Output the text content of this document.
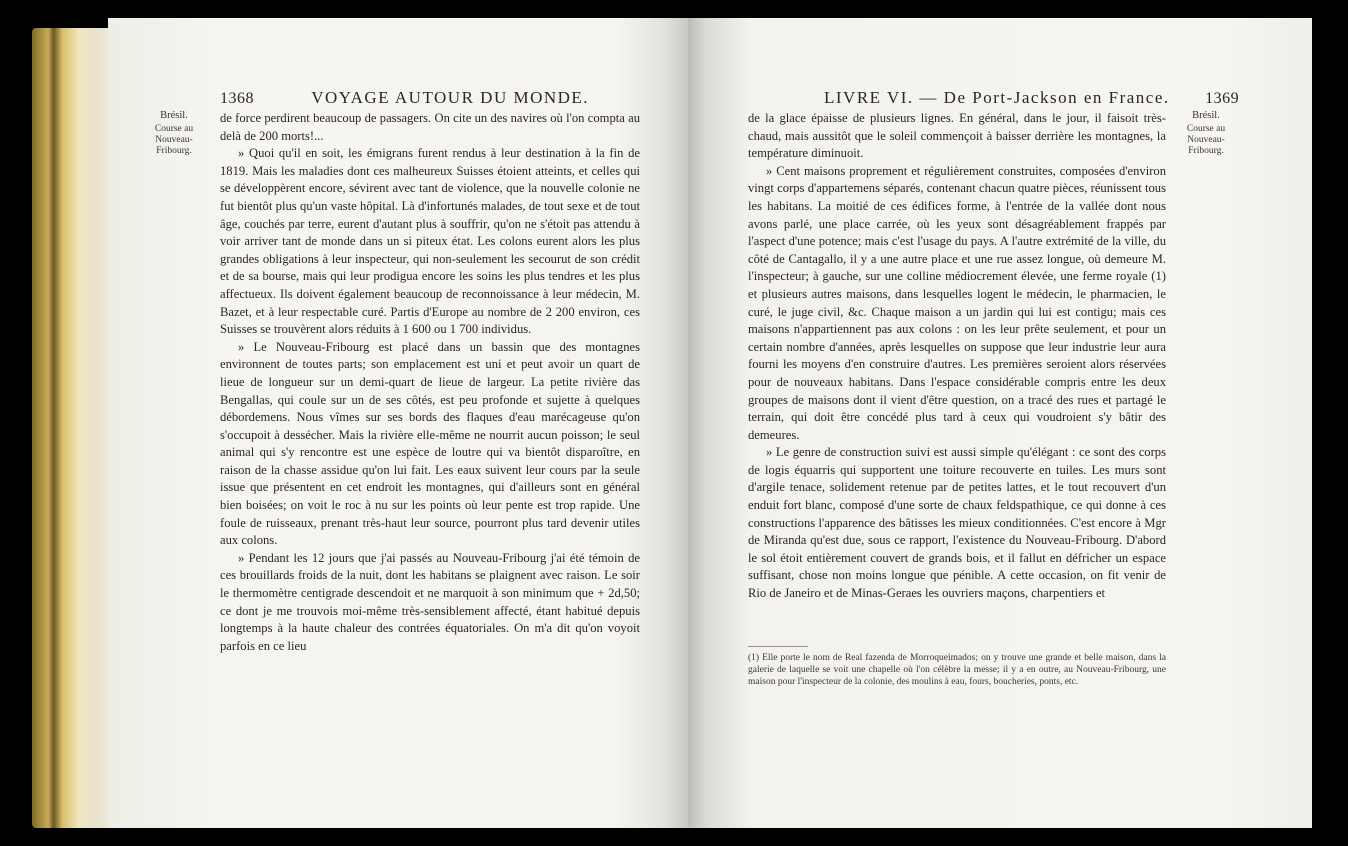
1368	VOYAGE AUTOUR DU MONDE.
Brésil.
Course au Nouveau-Fribourg.

de force perdirent beaucoup de passagers. On cite un des navires où l'on compta au delà de 200 morts!...

» Quoi qu'il en soit, les émigrans furent rendus à leur destination à la fin de 1819. Mais les maladies dont ces malheureux Suisses étoient atteints, et celles qui se développèrent encore, sévirent avec tant de violence, que la nouvelle colonie ne fut bientôt plus qu'un vaste hôpital. Là d'infortunés malades, de tout sexe et de tout âge, couchés par terre, eurent d'autant plus à souffrir, qu'on ne s'étoit pas attendu à voir arriver tant de monde dans un si piteux état. Les colons eurent alors les plus grandes obligations à leur inspecteur, qui non-seulement les secourut de son crédit et de sa bourse, mais qui leur prodigua encore les soins les plus tendres et les plus affectueux. Ils doivent également beaucoup de reconnoissance à leur médecin, M. Bazet, et à leur respectable curé. Partis d'Europe au nombre de 2 200 environ, ces Suisses se trouvèrent alors réduits à 1 600 ou 1 700 individus.

» Le Nouveau-Fribourg est placé dans un bassin que des montagnes environnent de toutes parts; son emplacement est uni et peut avoir un quart de lieue de longueur sur un demi-quart de lieue de largeur. La petite rivière das Bengallas, qui coule sur un de ses côtés, est peu profonde et sujette à quelques débordemens. Nous vîmes sur ses bords des flaques d'eau marécageuse qu'on s'occupoit à dessécher. Mais la rivière elle-même ne nourrit aucun poisson; le seul animal qui s'y rencontre est une espèce de loutre qui va bientôt disparoître, en raison de la chasse assidue qu'on lui fait. Les eaux suivent leur cours par la seule issue que présentent en cet endroit les montagnes, qui d'ailleurs sont en général bien boisées; on voit le roc à nu sur les points où leur pente est trop rapide. Une foule de ruisseaux, prenant très-haut leur source, pourront plus tard devenir utiles aux colons.

» Pendant les 12 jours que j'ai passés au Nouveau-Fribourg j'ai été témoin de ces brouillards froids de la nuit, dont les habitans se plaignent avec raison. Le soir le thermomètre centigrade descendoit et ne marquoit à son minimum que + 2d,50; ce dont je me trouvois moi-même très-sensiblement affecté, étant habitué depuis longtemps à la haute chaleur des contrées équatoriales. On m'a dit qu'on voyoit parfois en ce lieu

LIVRE VI. — De Port-Jackson en France. 1369
Brésil.
Course au Nouveau-Fribourg.

de la glace épaisse de plusieurs lignes. En général, dans le jour, il faisoit très-chaud, mais aussitôt que le soleil commençoit à baisser derrière les montagnes, la température diminuoit.

» Cent maisons proprement et régulièrement construites, composées d'environ vingt corps d'appartemens séparés, contenant chacun quatre pièces, réunissent tous les habitans. La moitié de ces édifices forme, à l'entrée de la vallée dont nous avons parlé, une place carrée, où les yeux sont désagréablement frappés par l'aspect d'une potence; mais c'est l'usage du pays. A l'autre extrémité de la ville, du côté de Cantagallo, il y a une autre place et une rue assez longue, où demeure M. l'inspecteur; à gauche, sur une colline médiocrement élevée, une ferme royale (1) et plusieurs autres maisons, dans lesquelles logent le médecin, le pharmacien, le curé, le juge civil, &c. Chaque maison a un jardin qui lui est contigu; mais ces maisons n'appartiennent pas aux colons : on les leur prête seulement, et pour un certain nombre d'années, après lesquelles on suppose que leur industrie leur aura fourni les moyens d'en construire d'autres. Les premières seroient alors réservées pour de nouveaux habitans. Dans l'espace considérable compris entre les deux groupes de maisons dont il vient d'être question, on a tracé des rues et partagé le terrain, qui doit être concédé plus tard à ceux qui voudroient s'y bâtir des demeures.

» Le genre de construction suivi est aussi simple qu'élégant : ce sont des corps de logis équarris qui supportent une toiture recouverte en tuiles. Les murs sont d'argile tenace, solidement retenue par de petites lattes, et le tout recouvert d'un enduit fort blanc, composé d'une sorte de chaux feldspathique, ce qui donne à ces constructions l'apparence des bâtisses les mieux conditionnées. C'est encore à Mgr de Miranda qu'est due, sous ce rapport, l'existence du Nouveau-Fribourg. D'abord le sol étoit entièrement couvert de grands bois, et il fallut en défricher un espace suffisant, chose non moins longue que pénible. A cette occasion, on fit venir de Rio de Janeiro et de Minas-Geraes les ouvriers maçons, charpentiers et

(1) Elle porte le nom de Real fazenda de Morroqueimados; on y trouve une grande et belle maison, dans la galerie de laquelle se voit une chapelle où l'on célèbre la messe; il y a en outre, au Nouveau-Fribourg, une maison pour l'inspecteur de la colonie, des moulins à eau, fours, boucheries, ponts, etc.
